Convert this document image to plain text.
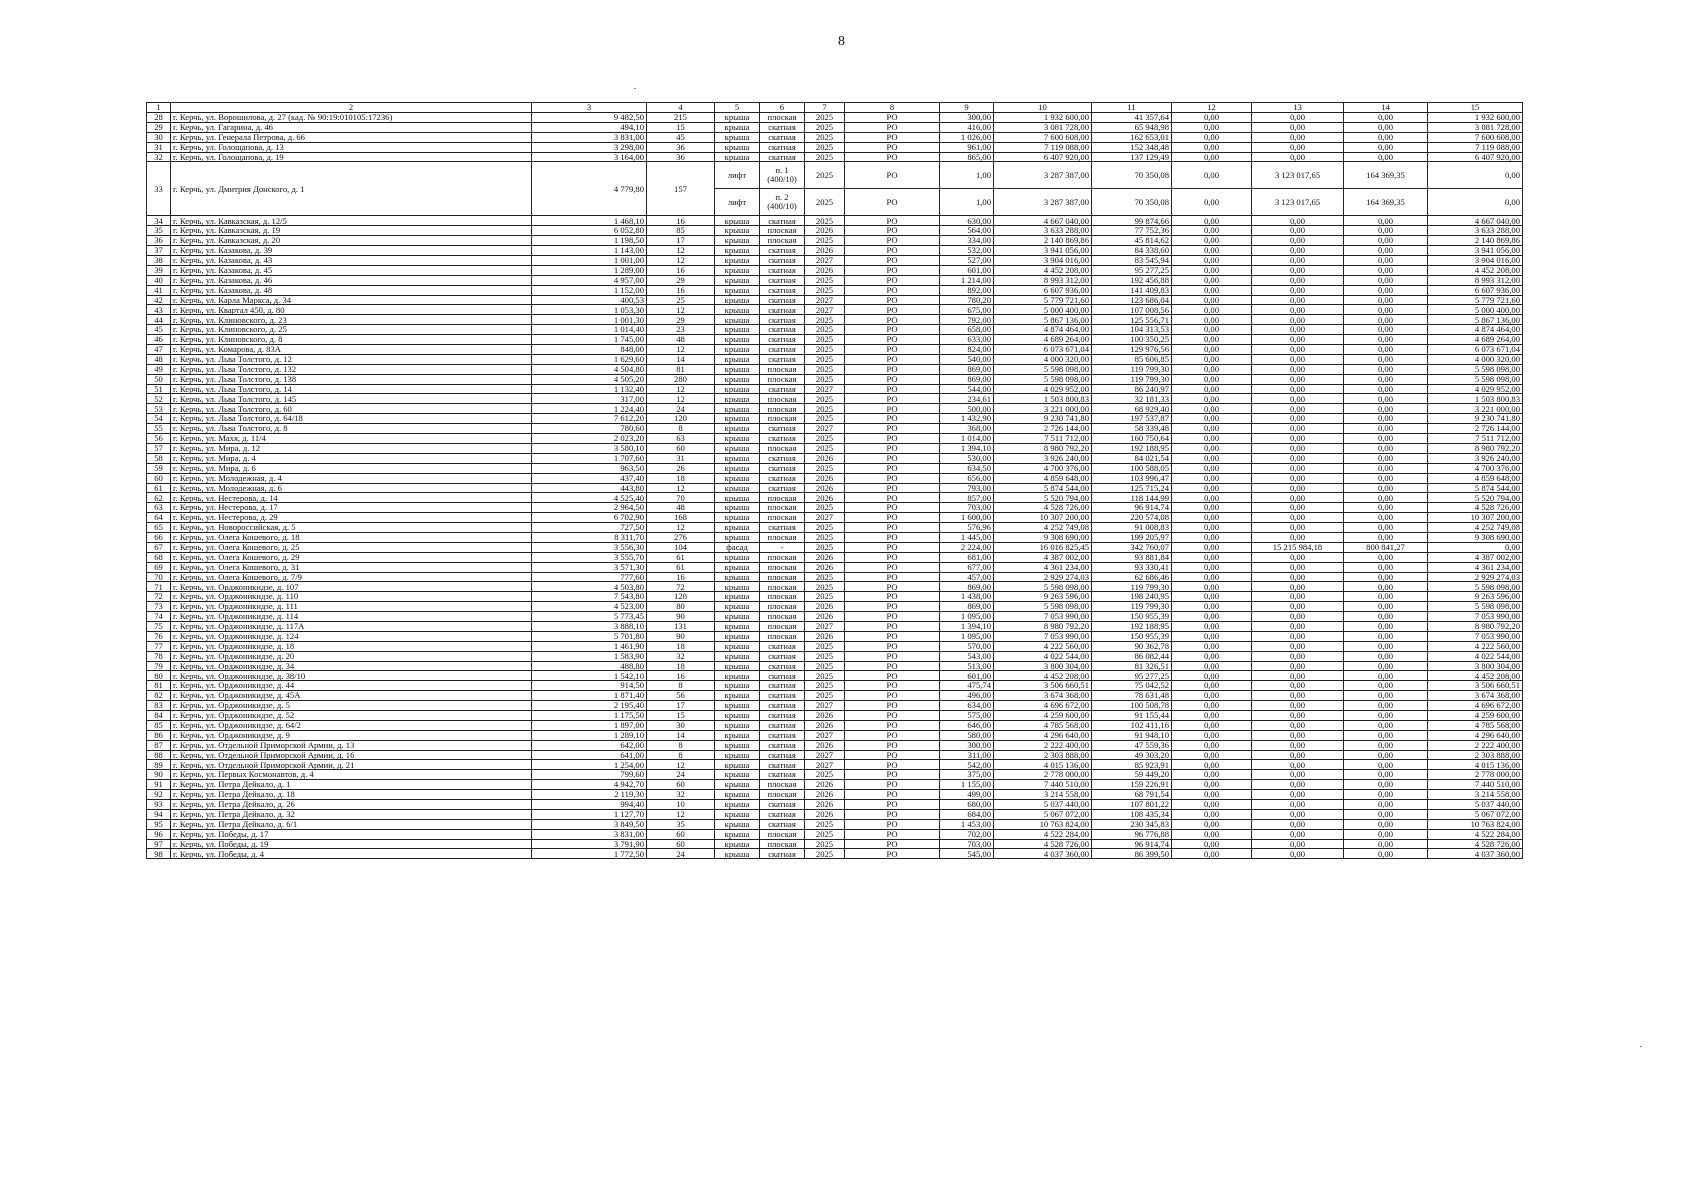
8
1	2	3	4	5	6	7	8	9	10	11	12	13	14	15
28	г. Керчь, ул. Ворошилова, д. 27 (кад. № 90:19:010105:17236)	9 482,50	215	крыша	плоская	2025	РО	300,00	1 932 600,00	41 357,64	0,00	0,00	0,00	1 932 600,00
29	г. Керчь, ул. Гагарина, д. 46	494,10	15	крыша	скатная	2025	РО	416,00	3 081 728,00	65 948,98	0,00	0,00	0,00	3 081 728,00
30	г. Керчь, ул. Генерала Петрова, д. 66	3 831,00	45	крыша	скатная	2025	РО	1 026,00	7 600 608,00	162 653,01	0,00	0,00	0,00	7 600 608,00
31	г. Керчь, ул. Голощапова, д. 13	3 298,00	36	крыша	скатная	2025	РО	961,00	7 119 088,00	152 348,48	0,00	0,00	0,00	7 119 088,00
32	г. Керчь, ул. Голощапова, д. 19	3 164,00	36	крыша	скатная	2025	РО	865,00	6 407 920,00	137 129,49	0,00	0,00	0,00	6 407 920,00
33	г. Керчь, ул. Дмитрия Донского, д. 1	4 779,80	157	лифт	п. 1 (400/10)	2025	РО	1,00	3 287 387,00	70 350,08	0,00	3 123 017,65	164 369,35	0,00
				лифт	п. 2 (400/10)	2025	РО	1,00	3 287 387,00	70 350,08	0,00	3 123 017,65	164 369,35	0,00
34	г. Керчь, ул. Кавказская, д. 12/5	1 468,10	16	крыша	скатная	2025	РО	630,00	4 667 040,00	99 874,66	0,00	0,00	0,00	4 667 040,00
35	г. Керчь, ул. Кавказская, д. 19	6 052,80	85	крыша	плоская	2026	РО	564,00	3 633 288,00	77 752,36	0,00	0,00	0,00	3 633 288,00
36	г. Керчь, ул. Кавказская, д. 20	1 198,50	17	крыша	плоская	2025	РО	334,00	2 140 869,86	45 814,62	0,00	0,00	0,00	2 140 869,86
37	г. Керчь, ул. Казакова, д. 39	1 143,00	12	крыша	скатная	2026	РО	532,00	3 941 056,00	84 338,60	0,00	0,00	0,00	3 941 056,00
38	г. Керчь, ул. Казакова, д. 43	1 001,00	12	крыша	скатная	2027	РО	527,00	3 904 016,00	83 545,94	0,00	0,00	0,00	3 904 016,00
39	г. Керчь, ул. Казакова, д. 45	1 289,00	16	крыша	скатная	2026	РО	601,00	4 452 208,00	95 277,25	0,00	0,00	0,00	4 452 208,00
40	г. Керчь, ул. Казакова, д. 46	4 957,00	29	крыша	скатная	2025	РО	1 214,00	8 993 312,00	192 456,88	0,00	0,00	0,00	8 993 312,00
41	г. Керчь, ул. Казакова, д. 48	1 152,00	16	крыша	скатная	2025	РО	892,00	6 607 936,00	141 409,83	0,00	0,00	0,00	6 607 936,00
42	г. Керчь, ул. Карла Маркса, д. 34	400,53	25	крыша	скатная	2027	РО	780,20	5 779 721,60	123 686,04	0,00	0,00	0,00	5 779 721,60
43	г. Керчь, ул. Квартал 450, д. 80	1 053,30	12	крыша	скатная	2027	РО	675,00	5 000 400,00	107 008,56	0,00	0,00	0,00	5 000 400,00
44	г. Керчь, ул. Клиновского, д. 23	1 001,30	29	крыша	скатная	2025	РО	792,00	5 867 136,00	125 556,71	0,00	0,00	0,00	5 867 136,00
45	г. Керчь, ул. Клиновского, д. 25	1 014,40	23	крыша	скатная	2025	РО	658,00	4 874 464,00	104 313,53	0,00	0,00	0,00	4 874 464,00
46	г. Керчь, ул. Клиновского, д. 8	1 745,00	48	крыша	скатная	2025	РО	633,00	4 689 264,00	100 350,25	0,00	0,00	0,00	4 689 264,00
47	г. Керчь, ул. Комарова, д. 83А	848,00	12	крыша	скатная	2025	РО	824,00	6 073 671,04	129 976,56	0,00	0,00	0,00	6 073 671,04
48	г. Керчь, ул. Льва Толстого, д. 12	1 629,60	14	крыша	скатная	2025	РО	540,00	4 000 320,00	85 606,85	0,00	0,00	0,00	4 000 320,00
49	г. Керчь, ул. Льва Толстого, д. 132	4 504,80	81	крыша	плоская	2025	РО	869,00	5 598 098,00	119 799,30	0,00	0,00	0,00	5 598 098,00
50	г. Керчь, ул. Льва Толстого, д. 138	4 505,20	280	крыша	плоская	2025	РО	869,00	5 598 098,00	119 799,30	0,00	0,00	0,00	5 598 098,00
51	г. Керчь, ул. Льва Толстого, д. 14	1 132,40	12	крыша	скатная	2027	РО	544,00	4 029 952,00	86 240,97	0,00	0,00	0,00	4 029 952,00
52	г. Керчь, ул. Льва Толстого, д. 145	317,00	12	крыша	плоская	2025	РО	234,61	1 503 800,83	32 181,33	0,00	0,00	0,00	1 503 800,83
53	г. Керчь, ул. Льва Толстого, д. 60	1 224,40	24	крыша	плоская	2025	РО	500,00	3 221 000,00	68 929,40	0,00	0,00	0,00	3 221 000,00
54	г. Керчь, ул. Льва Толстого, д. 64/18	7 612,20	120	крыша	плоская	2025	РО	1 432,90	9 230 741,80	197 537,87	0,00	0,00	0,00	9 230 741,80
55	г. Керчь, ул. Льва Толстого, д. 8	780,60	8	крыша	скатная	2027	РО	368,00	2 726 144,00	58 339,48	0,00	0,00	0,00	2 726 144,00
56	г. Керчь, ул. Махя, д. 11/4	2 023,20	63	крыша	скатная	2025	РО	1 014,00	7 511 712,00	160 750,64	0,00	0,00	0,00	7 511 712,00
57	г. Керчь, ул. Мира, д. 12	3 580,10	60	крыша	плоская	2025	РО	1 394,10	8 980 792,20	192 188,95	0,00	0,00	0,00	8 980 792,20
58	г. Керчь, ул. Мира, д. 4	1 707,60	31	крыша	скатная	2026	РО	530,00	3 926 240,00	84 021,54	0,00	0,00	0,00	3 926 240,00
59	г. Керчь, ул. Мира, д. 6	963,50	26	крыша	скатная	2025	РО	634,50	4 700 376,00	100 588,05	0,00	0,00	0,00	4 700 376,00
60	г. Керчь, ул. Молодежная, д. 4	437,40	18	крыша	скатная	2026	РО	656,00	4 859 648,00	103 996,47	0,00	0,00	0,00	4 859 648,00
61	г. Керчь, ул. Молодежная, д. 6	443,80	12	крыша	скатная	2026	РО	793,00	5 874 544,00	125 715,24	0,00	0,00	0,00	5 874 544,00
62	г. Керчь, ул. Нестерова, д. 14	4 525,40	70	крыша	плоская	2026	РО	857,00	5 520 794,00	118 144,99	0,00	0,00	0,00	5 520 794,00
63	г. Керчь, ул. Нестерова, д. 17	2 964,50	48	крыша	плоская	2025	РО	703,00	4 528 726,00	96 914,74	0,00	0,00	0,00	4 528 726,00
64	г. Керчь, ул. Нестерова, д. 29	6 702,90	168	крыша	плоская	2027	РО	1 600,00	10 307 200,00	220 574,08	0,00	0,00	0,00	10 307 200,00
65	г. Керчь, ул. Новороссийская, д. 5	727,50	12	крыша	скатная	2025	РО	576,96	4 252 749,08	91 008,83	0,00	0,00	0,00	4 252 749,08
66	г. Керчь, ул. Олега Кошевого, д. 18	8 311,70	276	крыша	плоская	2025	РО	1 445,00	9 308 690,00	199 205,97	0,00	0,00	0,00	9 308 690,00
67	г. Керчь, ул. Олега Кошевого, д. 25	3 556,30	104	фасад	-	2025	РО	2 224,00	16 016 825,45	342 760,07	0,00	15 215 984,18	800 841,27	0,00
68	г. Керчь, ул. Олега Кошевого, д. 29	3 555,70	61	крыша	плоская	2026	РО	681,00	4 387 002,00	93 881,84	0,00	0,00	0,00	4 387 002,00
69	г. Керчь, ул. Олега Кошевого, д. 31	3 571,30	61	крыша	плоская	2026	РО	677,00	4 361 234,00	93 330,41	0,00	0,00	0,00	4 361 234,00
70	г. Керчь, ул. Олега Кошевого, д. 7/9	777,60	16	крыша	плоская	2025	РО	457,00	2 929 274,03	62 686,46	0,00	0,00	0,00	2 929 274,03
71	г. Керчь, ул. Орджоникидзе, д. 107	4 503,80	72	крыша	плоская	2025	РО	869,00	5 598 098,00	119 799,30	0,00	0,00	0,00	5 598 098,00
72	г. Керчь, ул. Орджоникидзе, д. 110	7 543,80	120	крыша	плоская	2025	РО	1 438,00	9 263 596,00	198 240,95	0,00	0,00	0,00	9 263 596,00
73	г. Керчь, ул. Орджоникидзе, д. 111	4 523,00	80	крыша	плоская	2026	РО	869,00	5 598 098,00	119 799,30	0,00	0,00	0,00	5 598 098,00
74	г. Керчь, ул. Орджоникидзе, д. 114	5 773,45	90	крыша	плоская	2026	РО	1 095,00	7 053 990,00	150 955,39	0,00	0,00	0,00	7 053 990,00
75	г. Керчь, ул. Орджоникидзе, д. 117А	3 888,10	131	крыша	плоская	2027	РО	1 394,10	8 980 792,20	192 188,95	0,00	0,00	0,00	8 980 792,20
76	г. Керчь, ул. Орджоникидзе, д. 124	5 701,80	90	крыша	плоская	2026	РО	1 095,00	7 053 990,00	150 955,39	0,00	0,00	0,00	7 053 990,00
77	г. Керчь, ул. Орджоникидзе, д. 18	1 461,90	18	крыша	скатная	2025	РО	570,00	4 222 560,00	90 362,78	0,00	0,00	0,00	4 222 560,00
78	г. Керчь, ул. Орджоникидзе, д. 20	1 583,90	32	крыша	скатная	2025	РО	543,00	4 022 544,00	86 082,44	0,00	0,00	0,00	4 022 544,00
79	г. Керчь, ул. Орджоникидзе, д. 34	488,80	18	крыша	скатная	2025	РО	513,00	3 800 304,00	81 326,51	0,00	0,00	0,00	3 800 304,00
80	г. Керчь, ул. Орджоникидзе, д. 38/10	1 542,10	16	крыша	скатная	2025	РО	601,00	4 452 208,00	95 277,25	0,00	0,00	0,00	4 452 208,00
81	г. Керчь, ул. Орджоникидзе, д. 44	914,50	8	крыша	скатная	2025	РО	475,74	3 506 660,51	75 042,52	0,00	0,00	0,00	3 506 660,51
82	г. Керчь, ул. Орджоникидзе, д. 45А	1 871,40	56	крыша	скатная	2025	РО	496,00	3 674 368,00	78 631,48	0,00	0,00	0,00	3 674 368,00
83	г. Керчь, ул. Орджоникидзе, д. 5	2 195,40	17	крыша	скатная	2027	РО	634,00	4 696 672,00	100 508,78	0,00	0,00	0,00	4 696 672,00
84	г. Керчь, ул. Орджоникидзе, д. 52	1 175,50	15	крыша	скатная	2026	РО	575,00	4 259 600,00	91 155,44	0,00	0,00	0,00	4 259 600,00
85	г. Керчь, ул. Орджоникидзе, д. 64/2	1 897,00	30	крыша	скатная	2026	РО	646,00	4 785 568,00	102 411,16	0,00	0,00	0,00	4 785 568,00
86	г. Керчь, ул. Орджоникидзе, д. 9	1 289,10	14	крыша	скатная	2027	РО	580,00	4 296 640,00	91 948,10	0,00	0,00	0,00	4 296 640,00
87	г. Керчь, ул. Отдельной Приморской Армии, д. 13	642,00	8	крыша	скатная	2026	РО	300,00	2 222 400,00	47 559,36	0,00	0,00	0,00	2 222 400,00
88	г. Керчь, ул. Отдельной Приморской Армии, д. 16	641,00	8	крыша	скатная	2027	РО	311,00	2 303 888,00	49 303,20	0,00	0,00	0,00	2 303 888,00
89	г. Керчь, ул. Отдельной Приморской Армии, д. 21	1 254,00	12	крыша	скатная	2027	РО	542,00	4 015 136,00	85 923,91	0,00	0,00	0,00	4 015 136,00
90	г. Керчь, ул. Первых Космонавтов, д. 4	799,60	24	крыша	скатная	2025	РО	375,00	2 778 000,00	59 449,20	0,00	0,00	0,00	2 778 000,00
91	г. Керчь, ул. Петра Дейкало, д. 1	4 942,70	60	крыша	плоская	2026	РО	1 155,00	7 440 510,00	159 226,91	0,00	0,00	0,00	7 440 510,00
92	г. Керчь, ул. Петра Дейкало, д. 18	2 119,30	32	крыша	плоская	2026	РО	499,00	3 214 558,00	68 791,54	0,00	0,00	0,00	3 214 558,00
93	г. Керчь, ул. Петра Дейкало, д. 26	994,40	10	крыша	скатная	2026	РО	680,00	5 037 440,00	107 801,22	0,00	0,00	0,00	5 037 440,00
94	г. Керчь, ул. Петра Дейкало, д. 32	1 127,70	12	крыша	скатная	2026	РО	684,00	5 067 072,00	108 435,34	0,00	0,00	0,00	5 067 072,00
95	г. Керчь, ул. Петра Дейкало, д. 6/1	3 849,50	35	крыша	скатная	2025	РО	1 453,00	10 763 824,00	230 345,83	0,00	0,00	0,00	10 763 824,00
96	г. Керчь, ул. Победы, д. 17	3 831,00	60	крыша	плоская	2025	РО	702,00	4 522 284,00	96 776,88	0,00	0,00	0,00	4 522 284,00
97	г. Керчь, ул. Победы, д. 19	3 791,90	60	крыша	плоская	2025	РО	703,00	4 528 726,00	96 914,74	0,00	0,00	0,00	4 528 726,00
98	г. Керчь, ул. Победы, д. 4	1 772,50	24	крыша	скатная	2025	РО	545,00	4 037 360,00	86 399,50	0,00	0,00	0,00	4 037 360,00
